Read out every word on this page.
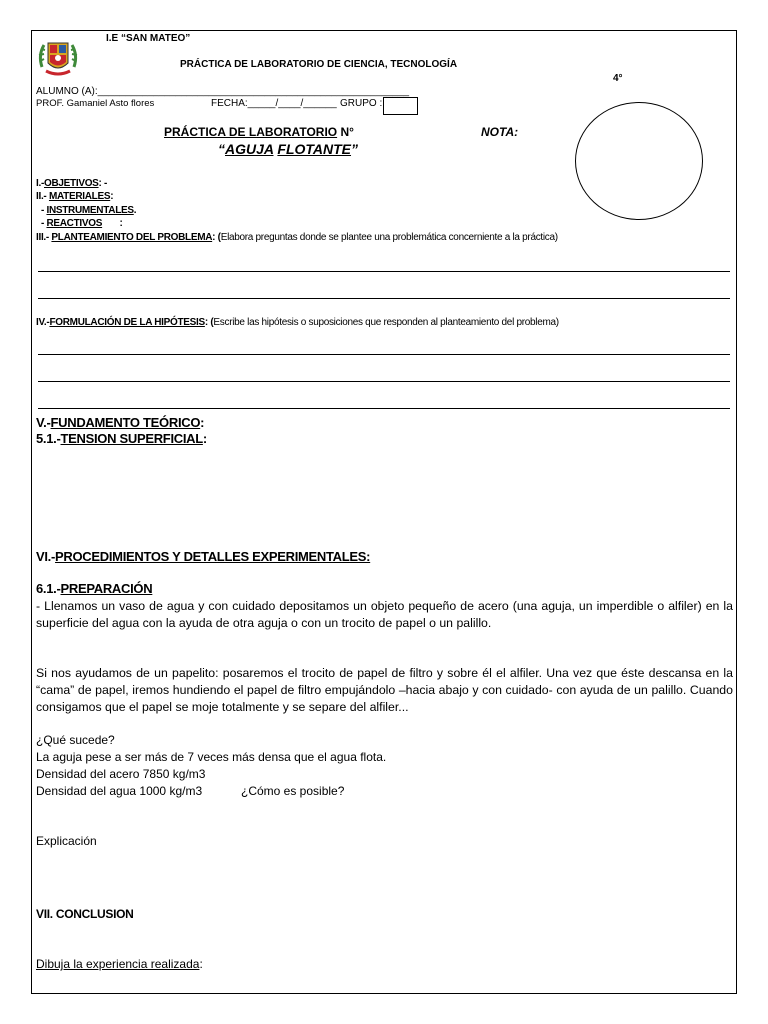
I.E “SAN MATEO”
PRÁCTICA DE LABORATORIO DE CIENCIA, TECNOLOGÍA
4°
ALUMNO (A):________________________________________________________
PROF. Gamaniel Asto flores	FECHA:_____/____/______ GRUPO :
PRÁCTICA DE LABORATORIO N°
“AGUJA FLOTANTE”
NOTA:
I.-OBJETIVOS: -
II.- MATERIALES:
- INSTRUMENTALES.
- REACTIVOS       :
III.- PLANTEAMIENTO DEL PROBLEMA: (Elabora preguntas donde se plantee una problemática concerniente a la práctica)
IV.-FORMULACIÓN DE LA HIPÓTESIS: (Escribe las hipótesis o suposiciones que responden al planteamiento del problema)
V.-FUNDAMENTO TEÓRICO:
5.1.-TENSION SUPERFICIAL:
VI.-PROCEDIMIENTOS Y DETALLES EXPERIMENTALES:
6.1.-PREPARACIÓN
- Llenamos un vaso de agua y con cuidado depositamos un objeto pequeño de acero (una aguja, un imperdible o alfiler) en la superficie del agua con la ayuda de otra aguja o con un trocito de papel o un palillo.
Si nos ayudamos de un papelito: posaremos el trocito de papel de filtro y sobre él el alfiler. Una vez que éste descansa en la “cama” de papel, iremos hundiendo el papel de filtro empujándolo –hacia abajo y con cuidado- con ayuda de un palillo. Cuando consigamos que el papel se moje totalmente y se separe del alfiler...
¿Qué sucede?
La aguja pese a ser más de 7 veces más densa que el agua flota.
Densidad del acero 7850 kg/m3
Densidad del agua 1000 kg/m3	¿Cómo es posible?
Explicación
VII. CONCLUSION
Dibuja la experiencia realizada:
